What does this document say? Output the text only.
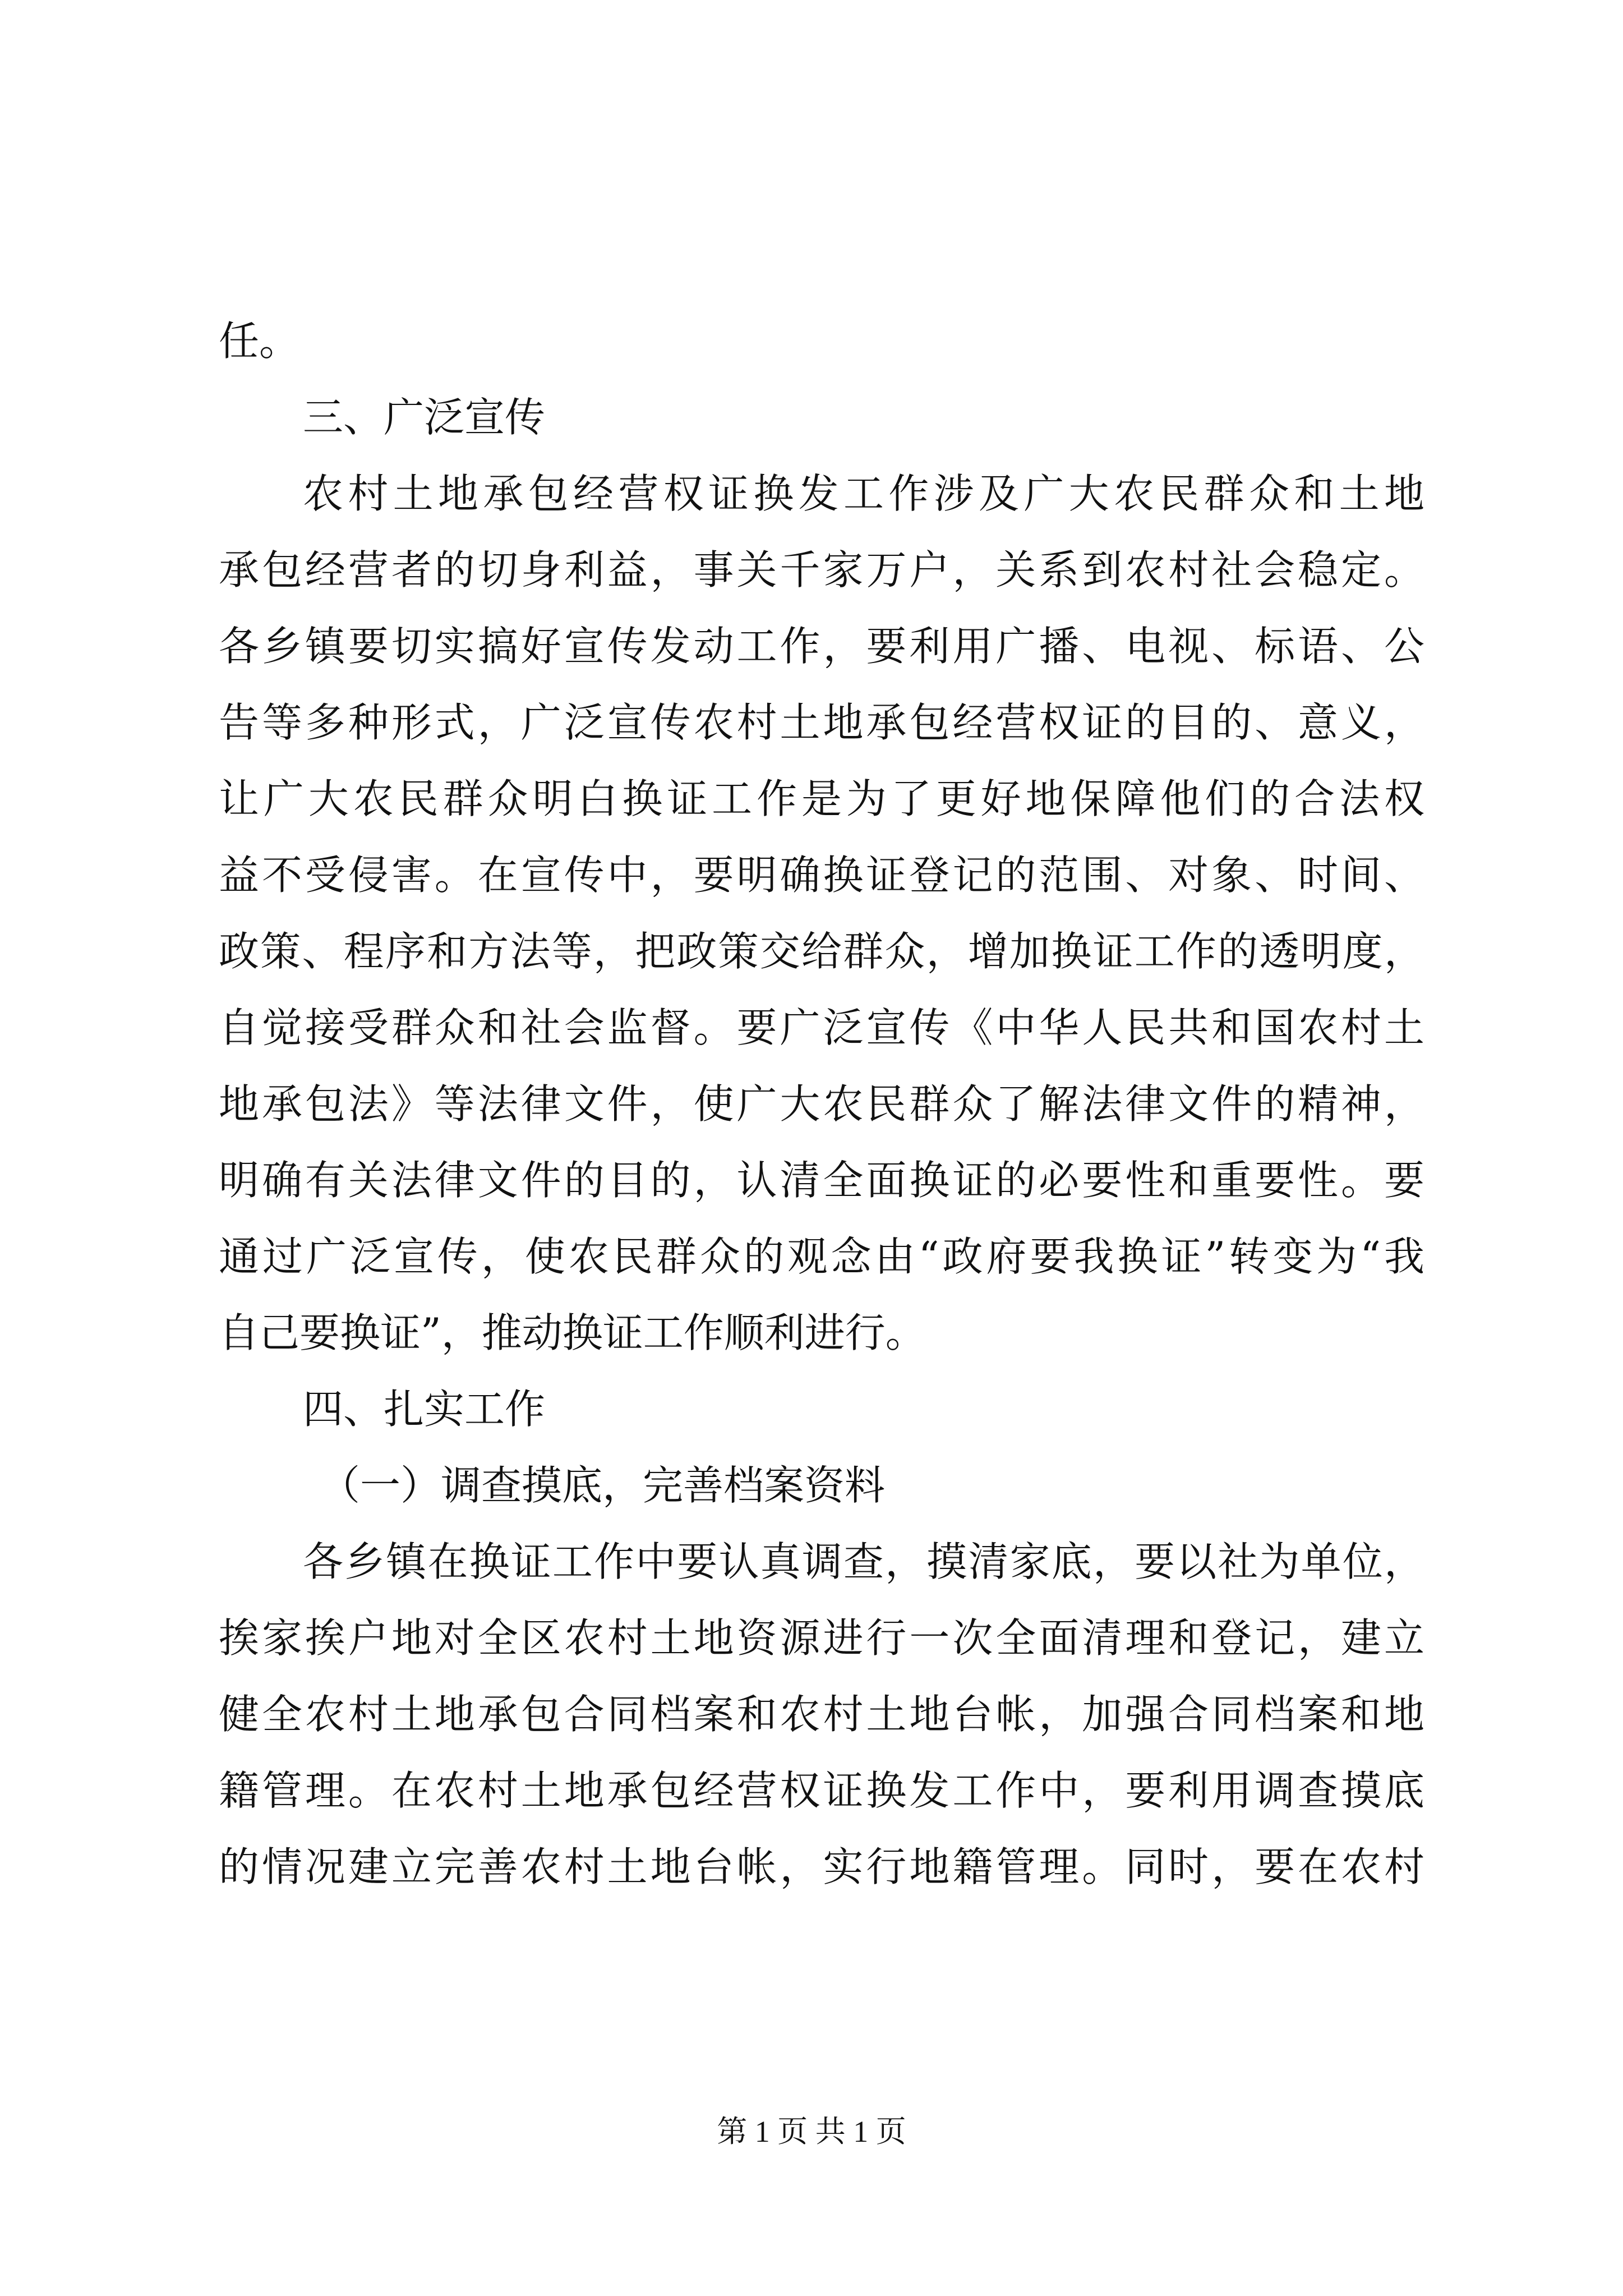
任。
三、广泛宣传
农村土地承包经营权证换发工作涉及广大农民群众和土地
承包经营者的切身利益，事关千家万户，关系到农村社会稳定。
各乡镇要切实搞好宣传发动工作，要利用广播、电视、标语、公
告等多种形式，广泛宣传农村土地承包经营权证的目的、意义，
让广大农民群众明白换证工作是为了更好地保障他们的合法权
益不受侵害。在宣传中，要明确换证登记的范围、对象、时间、
政策、程序和方法等，把政策交给群众，增加换证工作的透明度，
自觉接受群众和社会监督。要广泛宣传《中华人民共和国农村土
地承包法》等法律文件，使广大农民群众了解法律文件的精神，
明确有关法律文件的目的，认清全面换证的必要性和重要性。要
通过广泛宣传，使农民群众的观念由“政府要我换证”转变为“我
自己要换证”，推动换证工作顺利进行。
四、扎实工作
（一）调查摸底，完善档案资料
各乡镇在换证工作中要认真调查，摸清家底，要以社为单位，
挨家挨户地对全区农村土地资源进行一次全面清理和登记，建立
健全农村土地承包合同档案和农村土地台帐，加强合同档案和地
籍管理。在农村土地承包经营权证换发工作中，要利用调查摸底
的情况建立完善农村土地台帐，实行地籍管理。同时，要在农村
第 1 页 共 1 页
